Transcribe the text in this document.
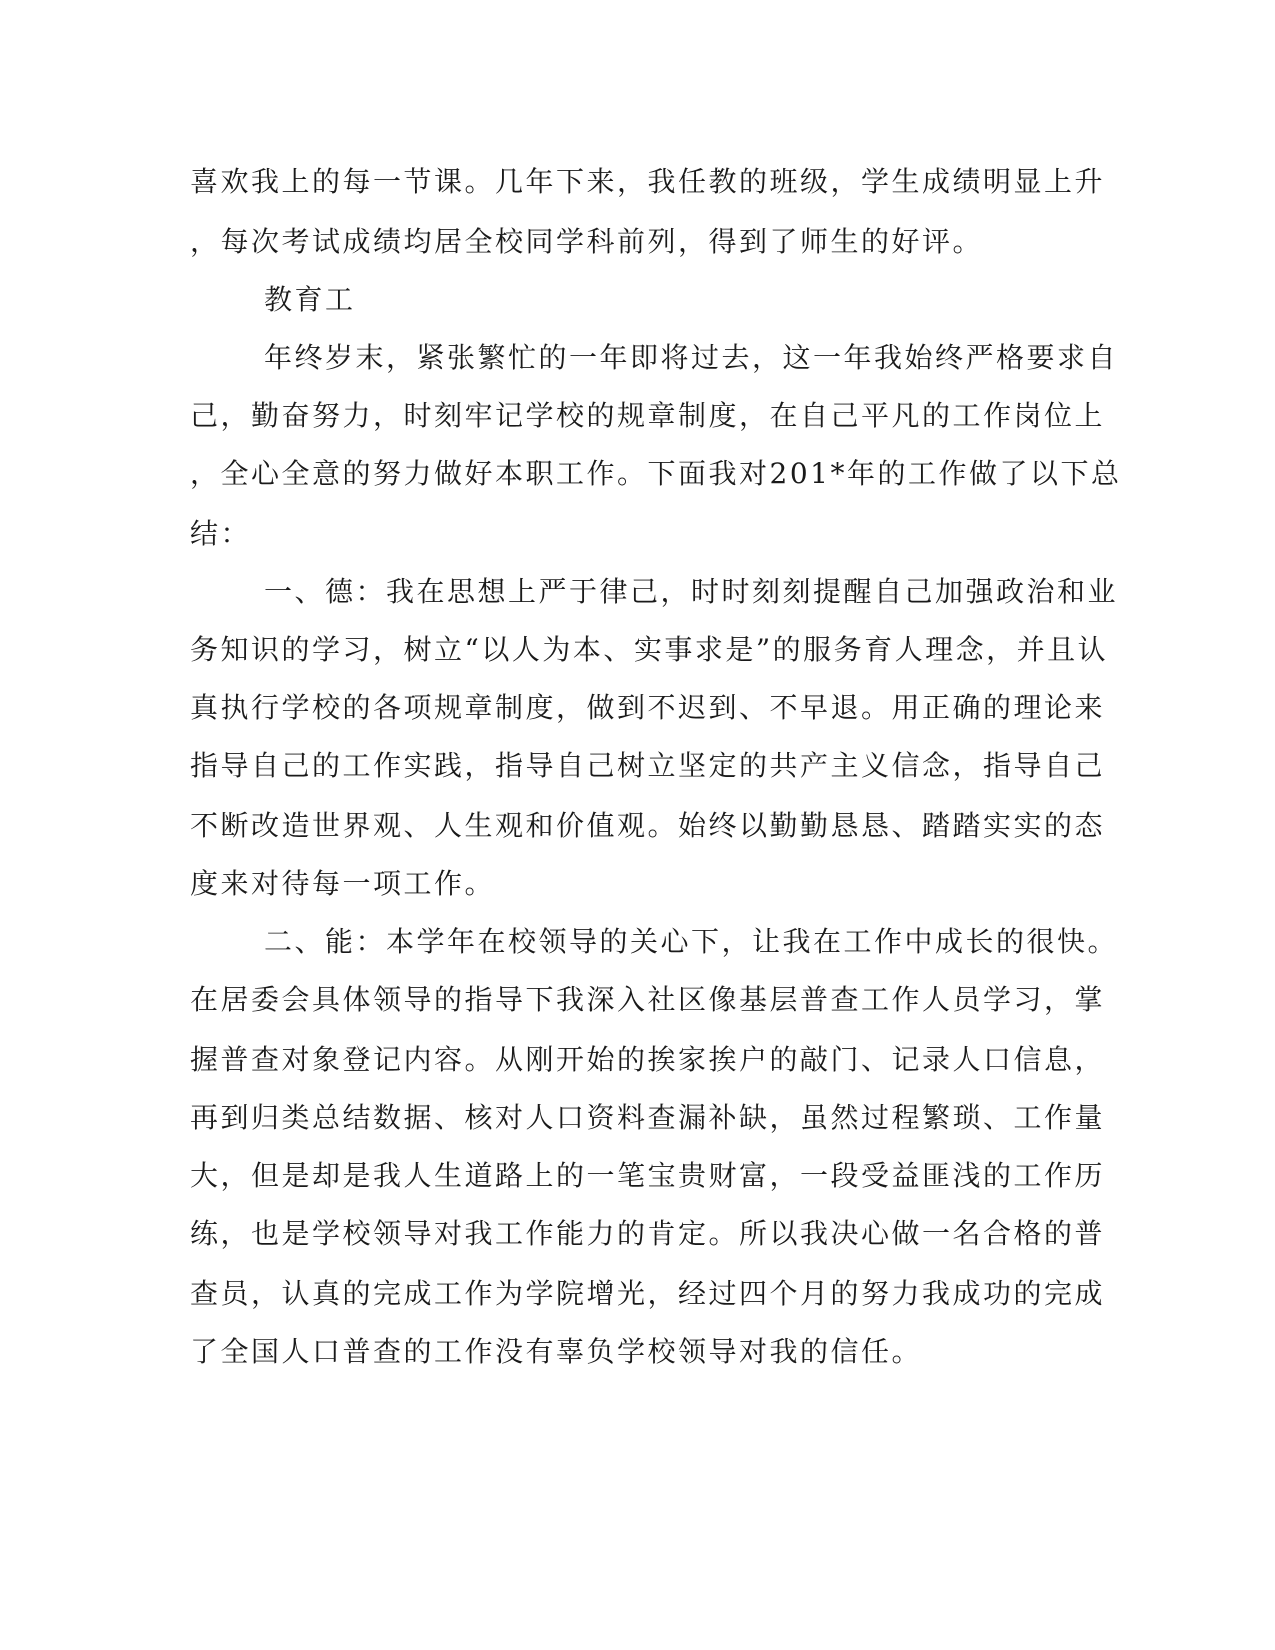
喜欢我上的每一节课。几年下来，我任教的班级，学生成绩明显上升
，每次考试成绩均居全校同学科前列，得到了师生的好评。
教育工
年终岁末，紧张繁忙的一年即将过去，这一年我始终严格要求自
己，勤奋努力，时刻牢记学校的规章制度，在自己平凡的工作岗位上
，全心全意的努力做好本职工作。下面我对201*年的工作做了以下总
结：
一、德：我在思想上严于律己，时时刻刻提醒自己加强政治和业
务知识的学习，树立“以人为本、实事求是”的服务育人理念，并且认
真执行学校的各项规章制度，做到不迟到、不早退。用正确的理论来
指导自己的工作实践，指导自己树立坚定的共产主义信念，指导自己
不断改造世界观、人生观和价值观。始终以勤勤恳恳、踏踏实实的态
度来对待每一项工作。
二、能：本学年在校领导的关心下，让我在工作中成长的很快。
在居委会具体领导的指导下我深入社区像基层普查工作人员学习，掌
握普查对象登记内容。从刚开始的挨家挨户的敲门、记录人口信息，
再到归类总结数据、核对人口资料查漏补缺，虽然过程繁琐、工作量
大，但是却是我人生道路上的一笔宝贵财富，一段受益匪浅的工作历
练，也是学校领导对我工作能力的肯定。所以我决心做一名合格的普
查员，认真的完成工作为学院增光，经过四个月的努力我成功的完成
了全国人口普查的工作没有辜负学校领导对我的信任。
